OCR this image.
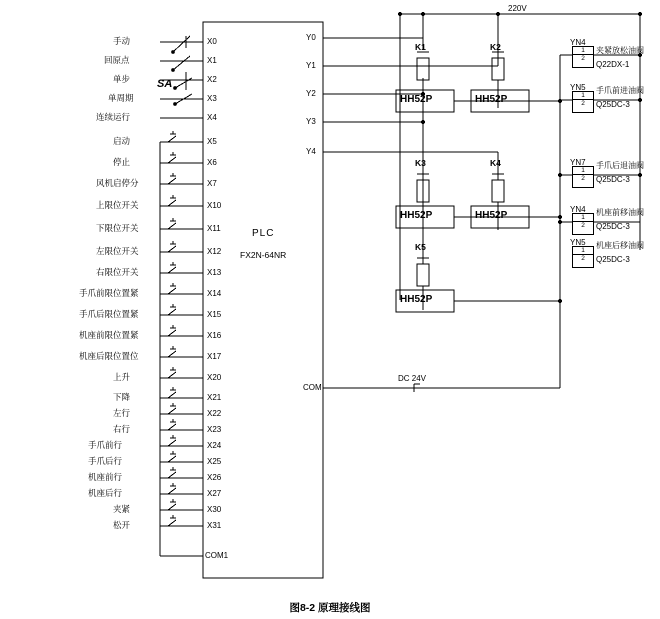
手动
回原点
单步
单周期
连续运行
启动
停止
风机启停分
上限位开关
下限位开关
左限位开关
右限位开关
手爪前限位置紧
手爪后限位置紧
机座前限位置紧
机座后限位置位
上升
下降
左行
右行
手爪前行
手爪后行
机座前行
机座后行
夹紧
松开
X0
X1
X2
X3
X4
X5
X6
X7
X10
X11
X12
X13
X14
X15
X16
X17
X20
X21
X22
X23
X24
X25
X26
X27
X30
X31
COM1
SA
PLC
FX2N-64NR
COM
Y0
Y1
Y2
Y3
Y4
220V
DC 24V
K1	K2
K3	K4
K5
HH52P	HH52P
HH52P	HH52P
HH52P
1
2
1
2
1
2
1
2
1
2
YN4
YN5
YN7
YN4
YN5
夹紧放松油阀
Q22DX-1
手爪前进油阀
Q25DC-3
手爪后退油阀
Q25DC-3
机座前移油阀
Q25DC-3
机座后移油阀
Q25DC-3
图8-2 原理接线图
